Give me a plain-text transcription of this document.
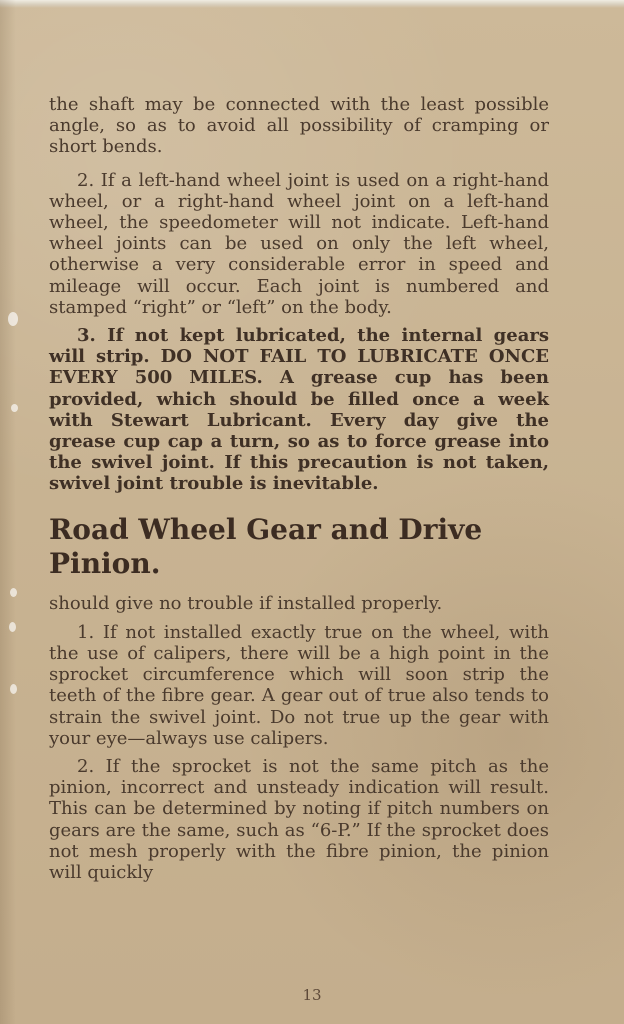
the shaft may be connected with the least possible angle, so as to avoid all possibility of cramping or short bends.

2. If a left-hand wheel joint is used on a right-hand wheel, or a right-hand wheel joint on a left-hand wheel, the speedometer will not indicate. Left-hand wheel joints can be used on only the left wheel, otherwise a very considerable error in speed and mileage will occur. Each joint is numbered and stamped “right” or “left” on the body.

3. If not kept lubricated, the internal gears will strip. DO NOT FAIL TO LUBRICATE ONCE EVERY 500 MILES. A grease cup has been provided, which should be filled once a week with Stewart Lubricant. Every day give the grease cup cap a turn, so as to force grease into the swivel joint. If this precaution is not taken, swivel joint trouble is inevitable.

Road Wheel Gear and Drive Pinion.

should give no trouble if installed properly.

1. If not installed exactly true on the wheel, with the use of calipers, there will be a high point in the sprocket circumference which will soon strip the teeth of the fibre gear. A gear out of true also tends to strain the swivel joint. Do not true up the gear with your eye—always use calipers.

2. If the sprocket is not the same pitch as the pinion, incorrect and unsteady indication will result. This can be determined by noting if pitch numbers on gears are the same, such as “6-P.” If the sprocket does not mesh properly with the fibre pinion, the pinion will quickly

13
